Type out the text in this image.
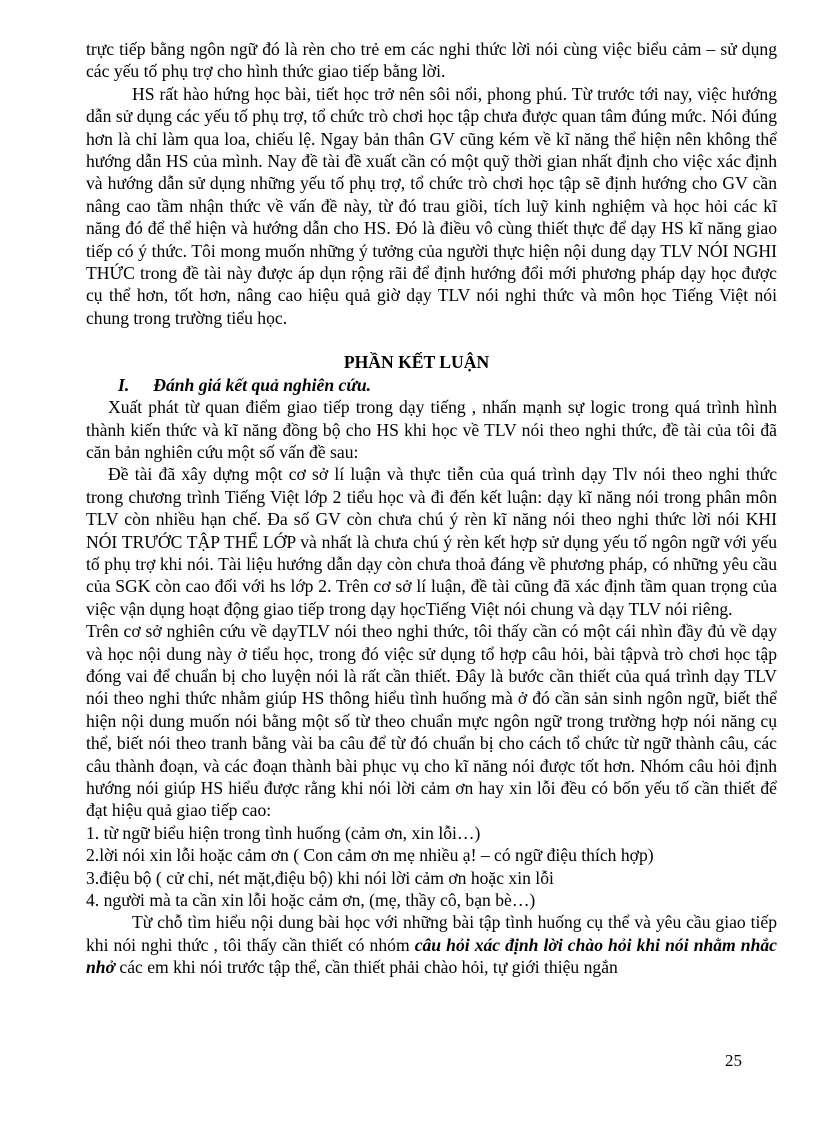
trực tiếp bằng ngôn ngữ đó là rèn cho trẻ em các nghi thức lời nói cùng việc biểu cảm – sử dụng các yếu tố phụ trợ cho hình thức giao tiếp bằng lời.

HS rất hào hứng học bài, tiết học trở nên sôi nổi, phong phú. Từ trước tới nay, việc hướng dẫn sử dụng các yếu tố phụ trợ, tổ chức trò chơi học tập chưa được quan tâm đúng mức. Nói đúng hơn là chỉ làm qua loa, chiếu lệ. Ngay bản thân GV cũng kém về kĩ năng thể hiện nên không thể hướng dẫn HS của mình. Nay đề tài đề xuất cần có một quỹ thời gian nhất định cho việc xác định và hướng dẫn sử dụng những yếu tố phụ trợ, tổ chức trò chơi học tập sẽ định hướng cho GV cần nâng cao tầm nhận thức về vấn đề này, từ đó trau giồi, tích luỹ kinh nghiệm và học hỏi các kĩ năng đó để thể hiện và hướng dẫn cho HS. Đó là điều vô cùng thiết thực để dạy HS kĩ năng giao tiếp có ý thức. Tôi mong muốn những ý tưởng của người thực hiện nội dung dạy TLV NÓI NGHI THỨC trong đề tài này được áp dụn rộng rãi để định hướng đổi mới phương pháp dạy học được cụ thể hơn, tốt hơn, nâng cao hiệu quả giờ dạy TLV nói nghi thức và môn học Tiếng Việt nói chung trong trường tiểu học.

PHẦN KẾT LUẬN

I. Đánh giá kết quả nghiên cứu.

Xuất phát từ quan điểm giao tiếp trong dạy tiếng , nhấn mạnh sự logic trong quá trình hình thành kiến thức và kĩ năng đồng bộ cho HS khi học về TLV nói theo nghi thức, đề tài của tôi đã căn bản nghiên cứu một số vấn đề sau:

Đề tài đã xây dựng một cơ sở lí luận và thực tiễn của quá trình dạy Tlv nói theo nghi thức trong chương trình Tiếng Việt lớp 2 tiểu học và đi đến kết luận: dạy kĩ năng nói trong phân môn TLV còn nhiều hạn chế. Đa số GV còn chưa chú ý rèn kĩ năng nói theo nghi thức lời nói KHI NÓI TRƯỚC TẬP THỂ LỚP và nhất là chưa chú ý rèn kết hợp sử dụng yếu tố ngôn ngữ với yếu tố phụ trợ khi nói. Tài liệu hướng dẫn dạy còn chưa thoả đáng về phương pháp, có những yêu cầu của SGK còn cao đối với hs lớp 2. Trên cơ sở lí luận, đề tài cũng đã xác định tầm quan trọng của việc vận dụng hoạt động giao tiếp trong dạy họcTiếng Việt nói chung và dạy TLV nói riêng.

Trên cơ sở nghiên cứu về dạyTLV nói theo nghi thức, tôi thấy cần có một cái nhìn đầy đủ về dạy và học nội dung này ở tiểu học, trong đó việc sử dụng tổ hợp câu hỏi, bài tậpvà trò chơi học tập đóng vai để chuẩn bị cho luyện nói là rất cần thiết. Đây là bước cần thiết của quá trình dạy TLV nói theo nghi thức nhằm giúp HS thông hiểu tình huống mà ở đó cần sản sinh ngôn ngữ, biết thể hiện nội dung muốn nói bằng một số từ theo chuẩn mực ngôn ngữ trong trường hợp nói năng cụ thể, biết nói theo tranh bằng vài ba câu để từ đó chuẩn bị cho cách tổ chức từ ngữ thành câu, các câu thành đoạn, và các đoạn thành bài phục vụ cho kĩ năng nói được tốt hơn. Nhóm câu hỏi định hướng nói giúp HS hiểu được rằng khi nói lời cảm ơn hay xin lỗi đều có bốn yếu tố cần thiết để đạt hiệu quả giao tiếp cao:

1. từ ngữ biểu hiện trong tình huống (cảm ơn, xin lỗi…)

2.lời nói xin lỗi hoặc cảm ơn ( Con cảm ơn mẹ nhiều ạ! – có ngữ điệu thích hợp)

3.điệu bộ ( cử chỉ, nét mặt,điệu bộ) khi nói lời cảm ơn hoặc xin lỗi

4. người mà ta cần xin lỗi hoặc cảm ơn, (mẹ, thầy cô, bạn bè…)

Từ chỗ tìm hiểu nội dung bài học với những bài tập tình huống cụ thể và yêu cầu giao tiếp khi nói nghi thức , tôi thấy cần thiết có nhóm câu hỏi xác định lời chào hỏi khi nói nhằm nhắc nhở các em khi nói trước tập thể, cần thiết phải chào hỏi, tự giới thiệu ngắn

25
